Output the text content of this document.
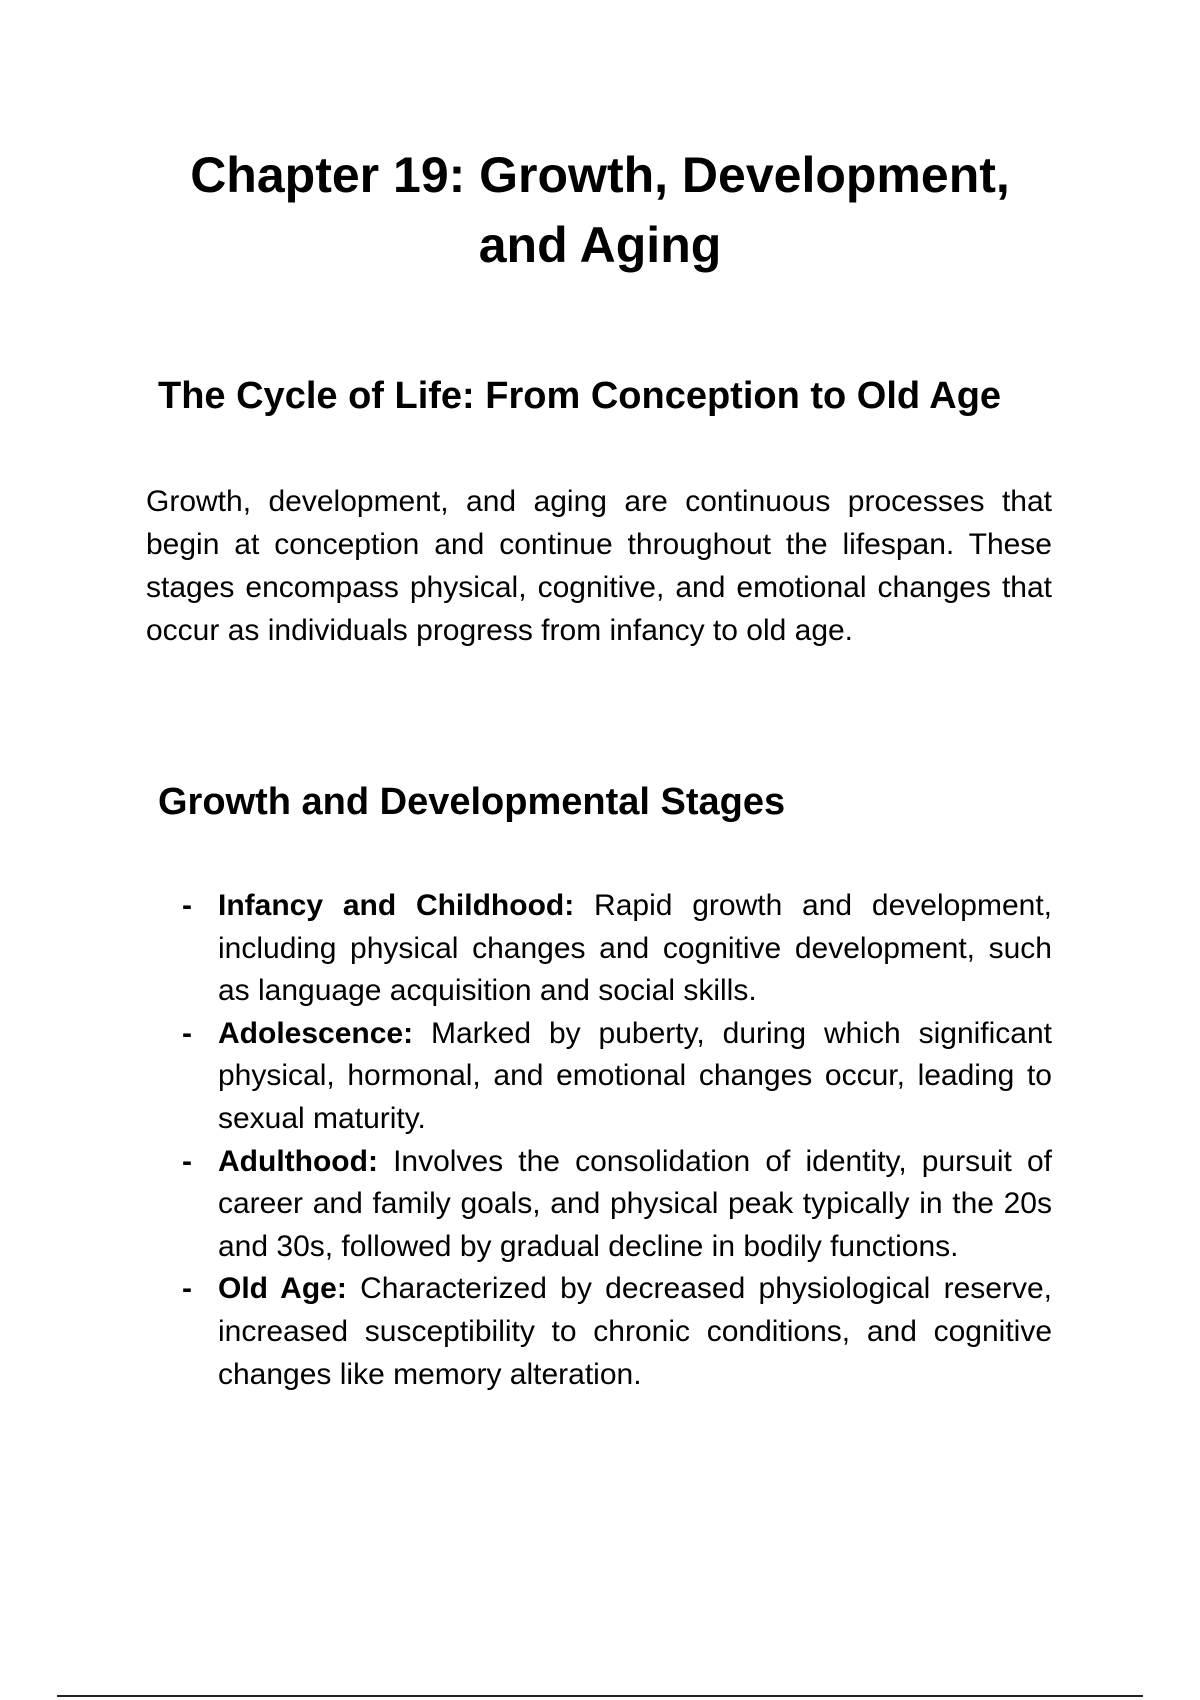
Chapter 19: Growth, Development,
and Aging
The Cycle of Life: From Conception to Old Age

Growth, development, and aging are continuous processes that begin at conception and continue throughout the lifespan. These stages encompass physical, cognitive, and emotional changes that occur as individuals progress from infancy to old age.

Growth and Developmental Stages
- Infancy and Childhood: Rapid growth and development, including physical changes and cognitive development, such as language acquisition and social skills.
- Adolescence: Marked by puberty, during which significant physical, hormonal, and emotional changes occur, leading to sexual maturity.
- Adulthood: Involves the consolidation of identity, pursuit of career and family goals, and physical peak typically in the 20s and 30s, followed by gradual decline in bodily functions.
- Old Age: Characterized by decreased physiological reserve, increased susceptibility to chronic conditions, and cognitive changes like memory alteration.
